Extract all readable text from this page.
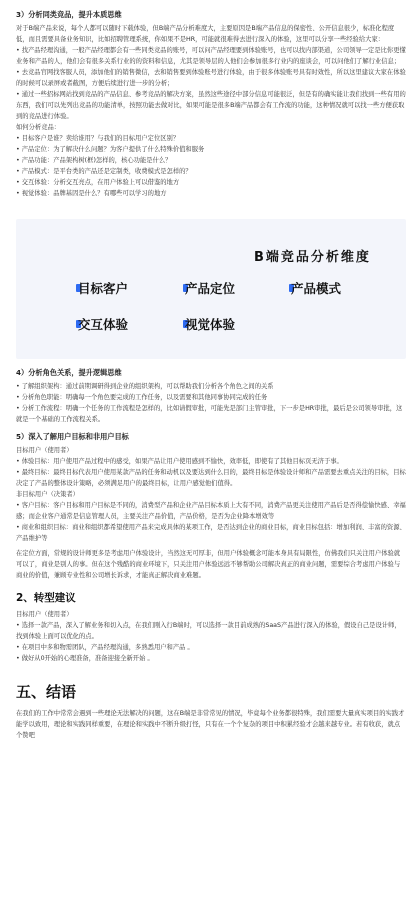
3）分析同类竞品，提升本质思维

对于B端产品来说，每个人都可以随时下载体验，但B端产品分析难度大，主要原因是B端产品信息的保密性、公开信息很少，标准化程度低，而且需要具备业务知识，比如招聘管理系统，你如果不是HR，可能就很难得去进行深入的体验，这里可以分享一些经验给大家：

• 找产品经理沟通，一般产品经理都会有一些同类竞品的账号，可以问产品经理要到体验账号，也可以找内部渠道，公司领导一定是比你更懂业务和产品的人，他们会有很多关系行业的的资料和信息，尤其是领导层的人他们会参加很多行业内的座谈会，可以问他们了解行业信息；

• 去竞品官网找客服人员，添加他们的销售微信，去和销售要到体验账号进行体验，由于很多体验账号具有时效性，所以这里建议大家在体验的时候可以录屏或者截图，方便后续进行进一步的分析；

• 通过一些招标网站找到竞品的产品信息、参考竞品的解决方案，虽然这些途径中部分信息可能很泛，但是有的确实能让我们找到一些有用的东西，我们可以先列出竞品的功能清单，按照功能去做对比，如果可能是很多B端产品都会有工作流的功能，这种情况就可以找一些方便获取到的竞品进行体验。

如何分析竞品：

• 目标客户是谁？卖给谁用？与我们的目标用户定位区别？

• 产品定位：为了解决什么问题？为客户提供了什么特殊价值和服务

• 产品功能：产品架构树(框)怎样的，核心功能是什么？

• 产品模式：是平台类的产品还是定制类，收费模式是怎样的？

• 交互体验：分析交互亮点，在用户体验上可以借鉴的地方

• 视觉体验：品牌基因是什么？有哪些可以学习的地方

B端竞品分析维度
目标客户	产品定位	产品模式
交互体验	视觉体验
4）分析角色关系，提升逻辑思维

• 了解组织架构：通过前期调研得到企业的组织架构，可以帮助我们分析各个角色之间的关系

• 分析角色职能：明确每一个角色要完成的工作任务，以及需要和其他同事协同完成的任务

• 分析工作流程：明确一个任务的工作流程是怎样的，比如请假审批，可能先是部门主管审批，下一步是HR审批，最后是公司领导审批，这就是一个基础的工作流程关系。

5）深入了解用户目标和非用户目标

目标用户（使用者）

• 体验目标：用户使用产品过程中的感受，如果产品让用户使用感到不愉快，效率低，即使有了其他目标页无济于事。

• 最终目标：最终目标代表用户使用某款产品的任务和动机以及要达到什么目的，最终目标是体验设计师和产品需要去重点关注的目标，目标决定了产品的整体设计策略，必须满足用户的最终目标，让用户感觉他们值得。

非目标用户（决策者）

• 客户目标：客户目标和用户目标是不同的，消费型产品和企业产品目标本质上大有不同，消费产品更关注使用产品后是否得偿愉快感、幸福感；而企业客户通常是信息管理人员，主要关注产品价值，产品价格，是否为企业降本增效等

• 商业和组织目标：商业和组织都希望使用产品来完成具体的某项工作，是否达到企业的商业目标，商业目标包括：增加利润、丰富的资源、产品维护等

在定位方面，常规的设计师更多是考虑用户体验设计，当然这无可厚非，但用户体验概念可能本身具有局限性，仿佛我们只关注用户体验就可以了，商业是别人的事。但在这个残酷的商业环境下，只关注用户体验远远不够帮助公司解决真正的商业问题，需要综合考虑用户体验与商业的价值，兼顾专业性和公司增长诉求，才能真正解决商业难题。

2、转型建议

目标用户（使用者）

• 选择一款产品，深入了解业务和切入点，在我们刚入行B端时，可以选择一款目前成熟的SaaS产品进行深入的体验，假设自己是设计师，找到体验上面可以优化的点。

• 在项目中多和物需团队，产品经理沟通，多熟悉用户和产品 。

• 做好从0开始的心理准备，准备迎接全新开始 。

五、结语

在我们的工作中常常会遇到一些理论无法解决的问题，这在B端是非常常见的情况，毕竟每个业务都很特殊，我们需要大量真实项目的实践才能学以致用，理论和实践同样重要，在理论和实践中不断升级打怪，只有在一个个复杂的项目中积累经验才会越来越专业。若有收获，就点个赞吧
